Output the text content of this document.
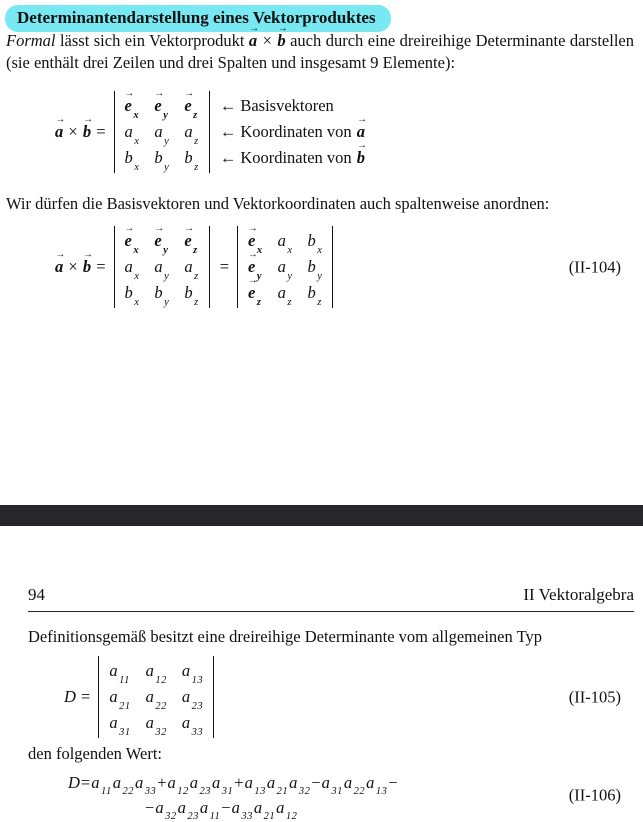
Determinantendarstellung eines Vektorproduktes

Formal lässt sich ein Vektorprodukt a → × b → auch durch eine dreireihige Determinante darstellen (sie enthält drei Zeilen und drei Spalten und insgesamt 9 Elemente):

a → × b → =
e → $_x$ e → $_y$ e → $_z$
a $_x$ a $_y$ a $_z$
b $_x$ b $_y$ b $_z$
← Basisvektoren
← Koordinaten von a →
← Koordinaten von b →

Wir dürfen die Basisvektoren und Vektorkoordinaten auch spaltenweise anordnen:

a → × b → =
e → $_x$ e → $_y$ e → $_z$
a $_x$ a $_y$ a $_z$
b $_x$ b $_y$ b $_z$
=
e → $_x$ a $_x$ b $_x$
e → $_y$ a $_y$ b $_y$
e → $_z$ a $_z$ b $_z$
(II-104)
94	II Vektoralgebra

Definitionsgemäß besitzt eine dreireihige Determinante vom allgemeinen Typ

D =
a $_{11}$ a $_{12}$ a $_{13}$
a $_{21}$ a $_{22}$ a $_{23}$
a $_{31}$ a $_{32}$ a $_{33}$
(II-105)

den folgenden Wert:

D = a $_{11}$ a $_{22}$ a $_{33}$ + a $_{12}$ a $_{23}$ a $_{31}$ + a $_{13}$ a $_{21}$ a $_{32}$ − a $_{31}$ a $_{22}$ a $_{13}$ −
− a $_{32}$ a $_{23}$ a $_{11}$ − a $_{33}$ a $_{21}$ a $_{12}$
(II-106)
